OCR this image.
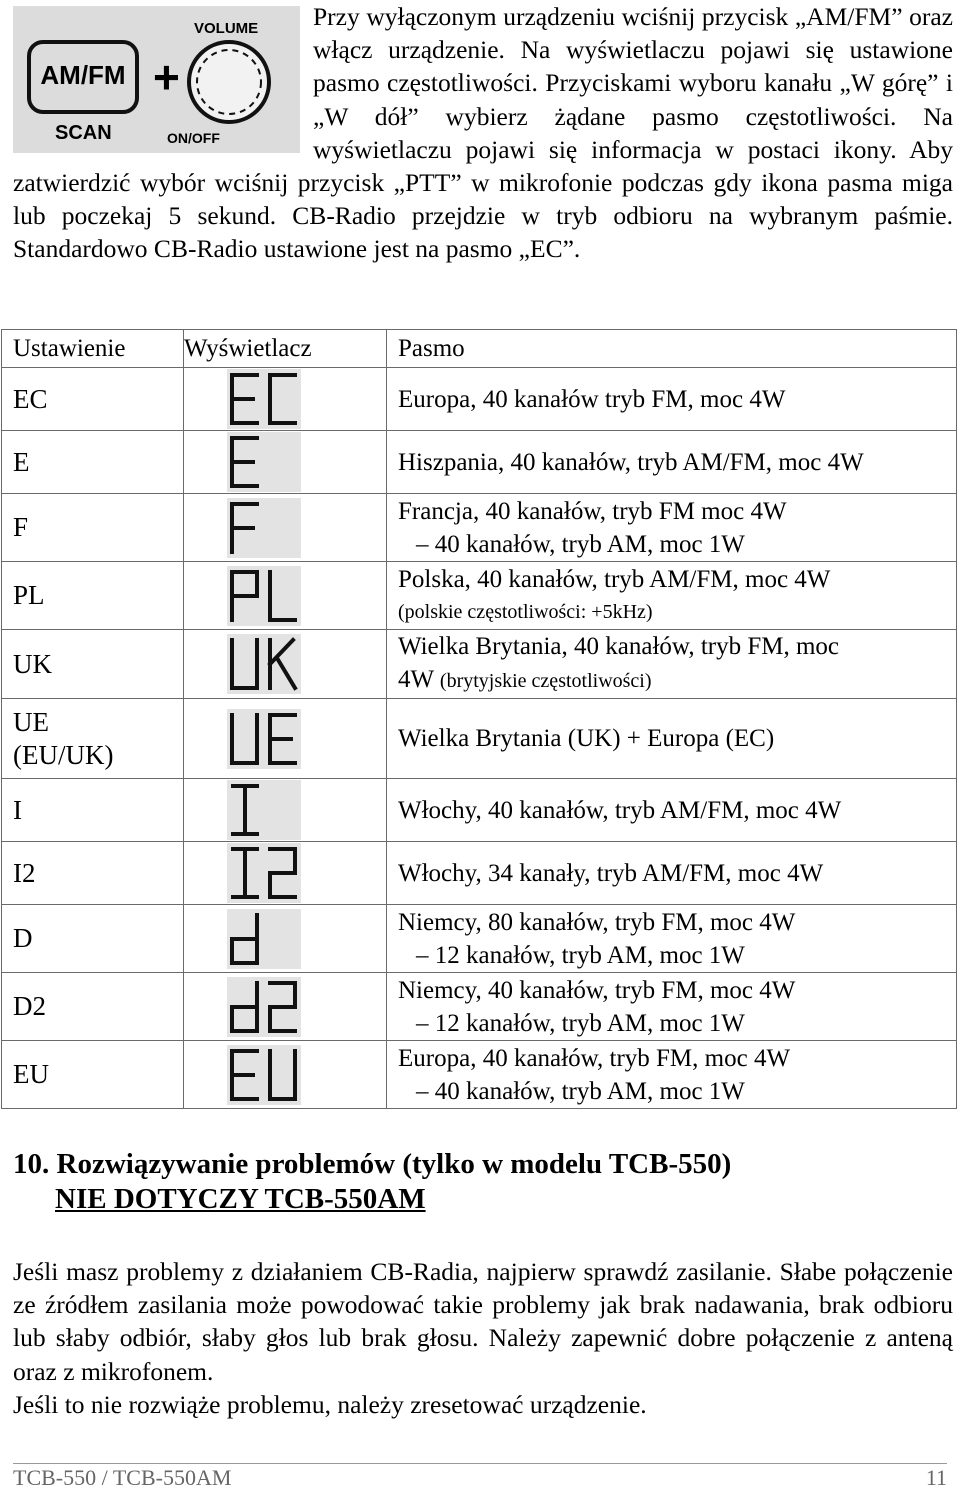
AM/FM +
VOLUME
ON/OFF
SCAN
Przy wyłączonym urządzeniu wciśnij przycisk „AM/FM” oraz włącz urządzenie. Na wyświetlaczu pojawi się ustawione pasmo częstotliwości. Przyciskami wyboru kanału „W górę” i „W dół” wybierz żądane pasmo częstotliwości. Na wyświetlaczu pojawi się informacja w postaci ikony. Aby zatwierdzić wybór wciśnij przycisk „PTT” w mikrofonie podczas gdy ikona pasma miga lub poczekaj 5 sekund. CB-Radio przejdzie w tryb odbioru na wybranym paśmie. Standardowo CB-Radio ustawione jest na pasmo „EC”.
Ustawienie	Wyświetlacz	Pasmo
EC		Europa, 40 kanałów tryb FM, moc 4W
E		Hiszpania, 40 kanałów, tryb AM/FM, moc 4W
F		Francja, 40 kanałów, tryb FM moc 4W
– 40 kanałów, tryb AM, moc 1W
PL		Polska, 40 kanałów, tryb AM/FM, moc 4W
(polskie częstotliwości: +5kHz)

UK		Wielka Brytania, 40 kanałów, tryb FM, moc
4W (brytyjskie częstotliwości)

UE
(EU/UK)		Wielka Brytania (UK) + Europa (EC)
I		Włochy, 40 kanałów, tryb AM/FM, moc 4W
I2		Włochy, 34 kanały, tryb AM/FM, moc 4W
D		Niemcy, 80 kanałów, tryb FM, moc 4W
– 12 kanałów, tryb AM, moc 1W
D2		Niemcy, 40 kanałów, tryb FM, moc 4W
– 12 kanałów, tryb AM, moc 1W
EU		Europa, 40 kanałów, tryb FM, moc 4W
– 40 kanałów, tryb AM, moc 1W
10. Rozwiązywanie problemów (tylko w modelu TCB-550)
NIE DOTYCZY TCB-550AM

Jeśli masz problemy z działaniem CB-Radia, najpierw sprawdź zasilanie. Słabe połączenie ze źródłem zasilania może powodować takie problemy jak brak nadawania, brak odbioru lub słaby odbiór, słaby głos lub brak głosu. Należy zapewnić dobre połączenie z anteną oraz z mikrofonem.

Jeśli to nie rozwiąże problemu, należy zresetować urządzenie.

TCB-550 / TCB-550AM	11
